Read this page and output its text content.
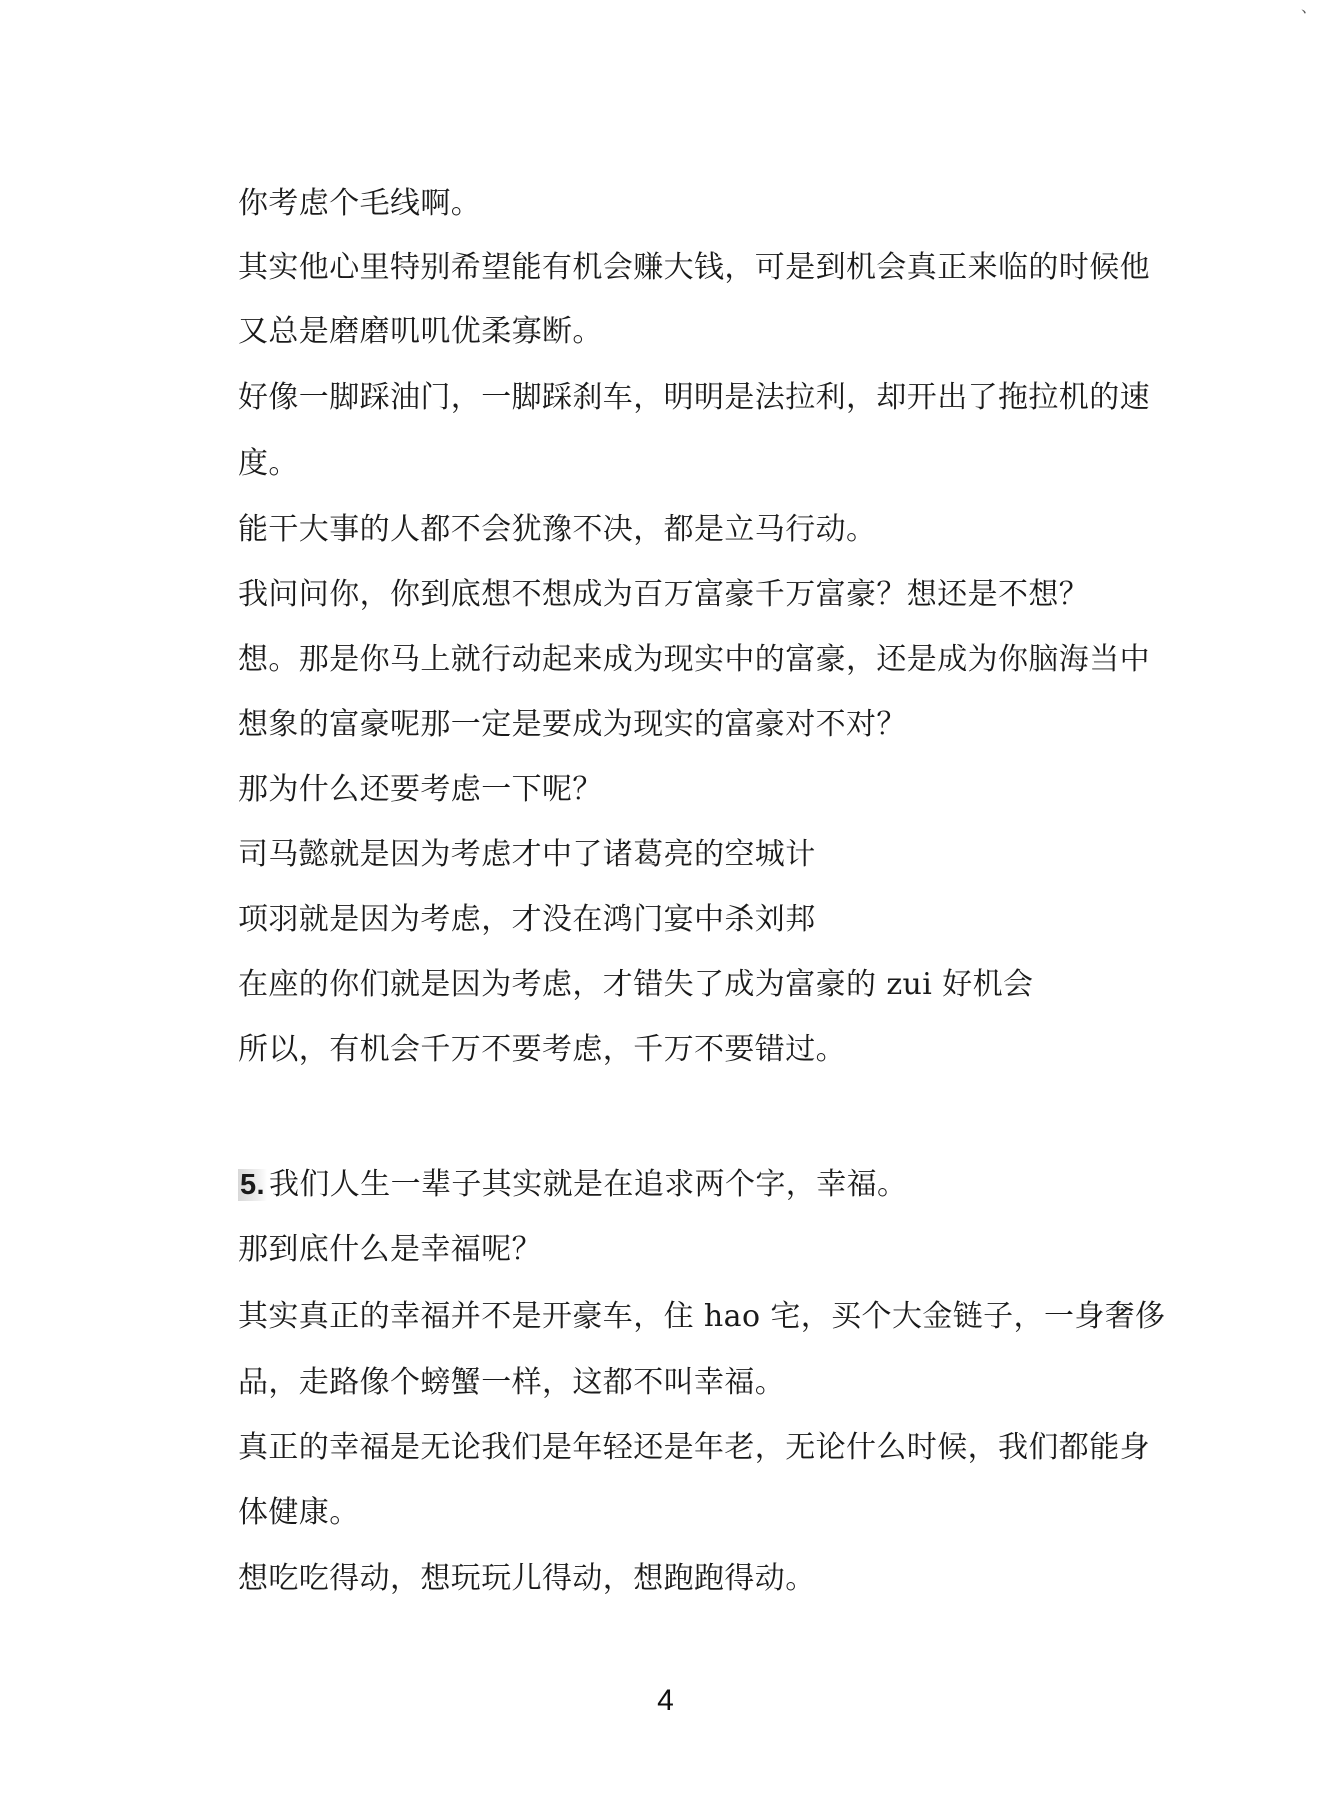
、
你考虑个毛线啊。
其实他心里特别希望能有机会赚大钱，可是到机会真正来临的时候他
又总是磨磨叽叽优柔寡断。
好像一脚踩油门，一脚踩刹车，明明是法拉利，却开出了拖拉机的速
度。
能干大事的人都不会犹豫不决，都是立马行动。
我问问你，你到底想不想成为百万富豪千万富豪？想还是不想？
想。那是你马上就行动起来成为现实中的富豪，还是成为你脑海当中
想象的富豪呢那一定是要成为现实的富豪对不对？
那为什么还要考虑一下呢？
司马懿就是因为考虑才中了诸葛亮的空城计
项羽就是因为考虑，才没在鸿门宴中杀刘邦
在座的你们就是因为考虑，才错失了成为富豪的 zui 好机会
所以，有机会千万不要考虑，千万不要错过。
5. 我们人生一辈子其实就是在追求两个字，幸福。
那到底什么是幸福呢？
其实真正的幸福并不是开豪车，住 hao 宅，买个大金链子，一身奢侈
品，走路像个螃蟹一样，这都不叫幸福。
真正的幸福是无论我们是年轻还是年老，无论什么时候，我们都能身
体健康。
想吃吃得动，想玩玩儿得动，想跑跑得动。
4
